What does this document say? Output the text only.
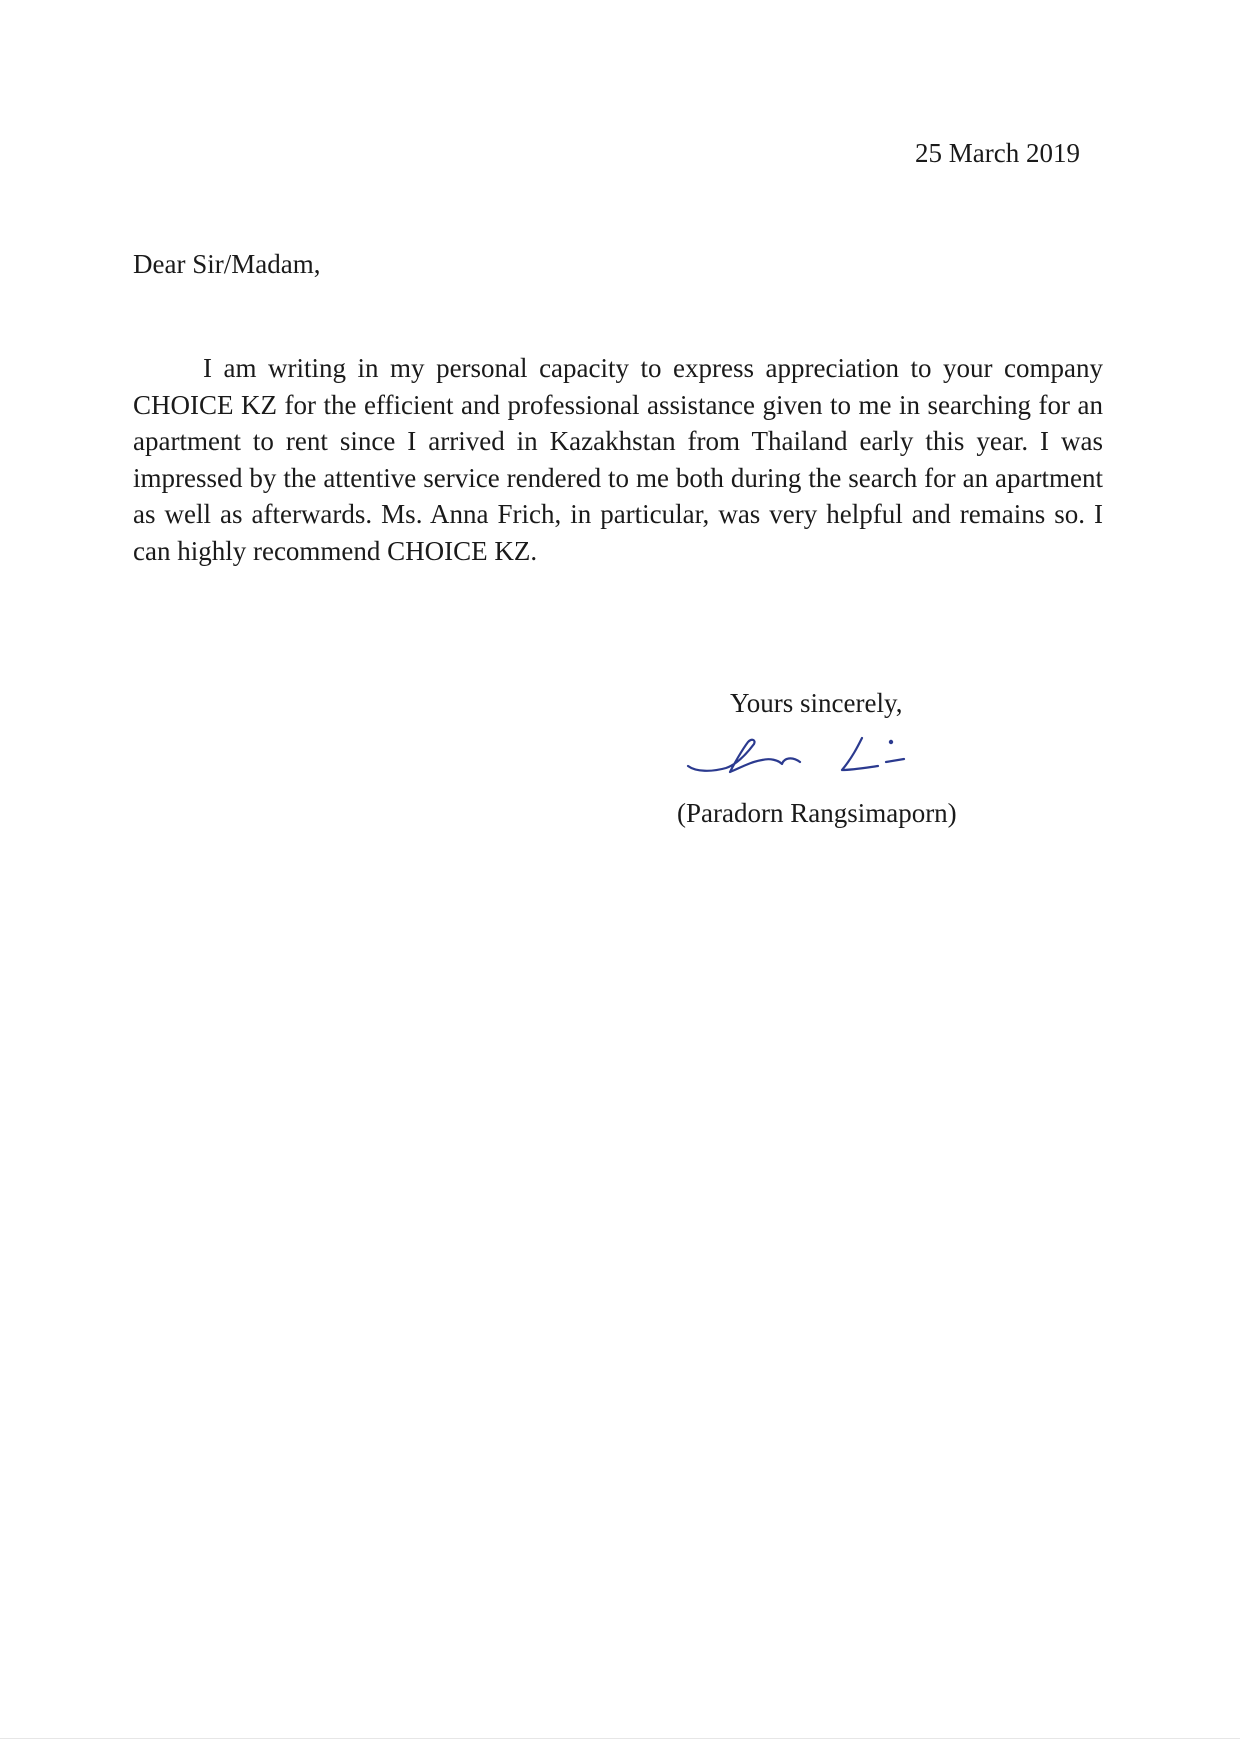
25 March 2019
Dear Sir/Madam,

I am writing in my personal capacity to express appreciation to your company CHOICE KZ for the efficient and professional assistance given to me in searching for an apartment to rent since I arrived in Kazakhstan from Thailand early this year. I was impressed by the attentive service rendered to me both during the search for an apartment as well as afterwards. Ms. Anna Frich, in particular, was very helpful and remains so. I can highly recommend CHOICE KZ.

Yours sincerely,
(Paradorn Rangsimaporn)
